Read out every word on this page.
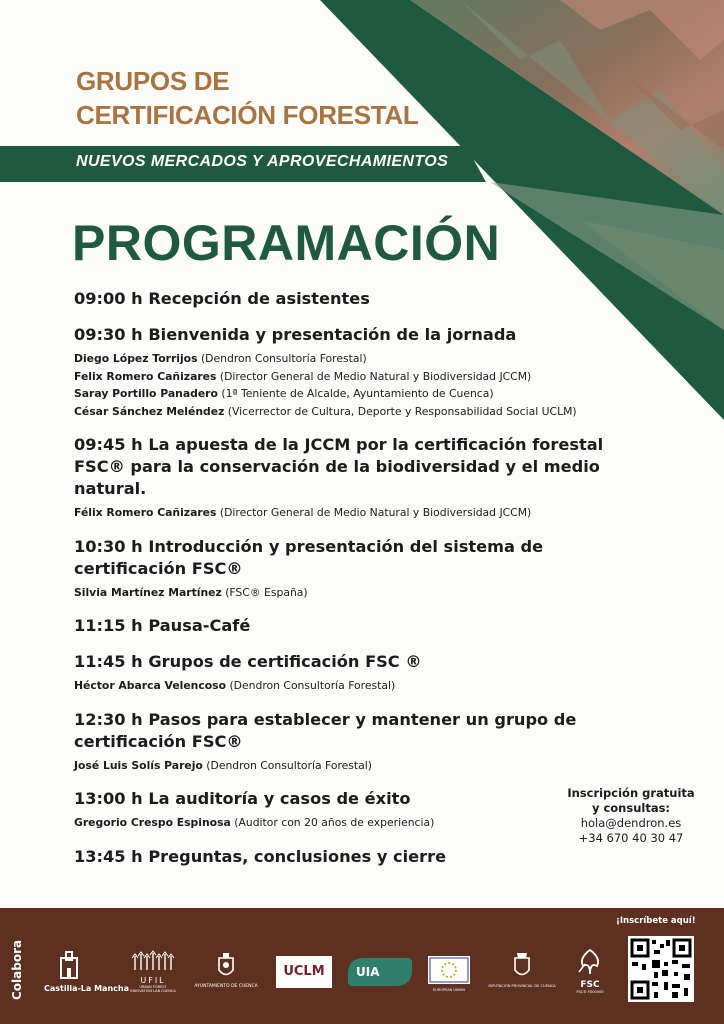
GRUPOS DE
CERTIFICACIÓN FORESTAL
NUEVOS MERCADOS Y APROVECHAMIENTOS
PROGRAMACIÓN
09:00 h Recepción de asistentes
09:30 h Bienvenida y presentación de la jornada
Diego López Torrijos (Dendron Consultoría Forestal)
Felix Romero Cañizares (Director General de Medio Natural y Biodiversidad JCCM)
Saray Portillo Panadero (1ª Teniente de Alcalde, Ayuntamiento de Cuenca)
César Sánchez Meléndez (Vicerrector de Cultura, Deporte y Responsabilidad Social UCLM)
09:45 h La apuesta de la JCCM por la certificación forestal FSC® para la conservación de la biodiversidad y el medio natural.
Félix Romero Cañizares (Director General de Medio Natural y Biodiversidad JCCM)
10:30 h Introducción y presentación del sistema de certificación FSC®
Silvia Martínez Martínez (FSC® España)
11:15 h Pausa-Café
11:45 h Grupos de certificación FSC ®
Héctor Abarca Velencoso (Dendron Consultoría Forestal)
12:30 h Pasos para establecer y mantener un grupo de certificación FSC®
José Luis Solís Parejo (Dendron Consultoría Forestal)
13:00 h La auditoría y casos de éxito
Gregorio Crespo Espinosa (Auditor con 20 años de experiencia)
13:45 h Preguntas, conclusiones y cierre
Inscripción gratuita
y consultas:
hola@dendron.es
+34 670 40 30 47
Colabora	Castilla-La Mancha
UFIL
URBAN FOREST INNOVATION LAB CUENCA
AYUNTAMIENTO DE CUENCA
UCLM	UIA
EUROPEAN UNION
DIPUTACIÓN PROVINCIAL DE CUENCA	FSC
FSC® F000000
¡Inscríbete aquí!
